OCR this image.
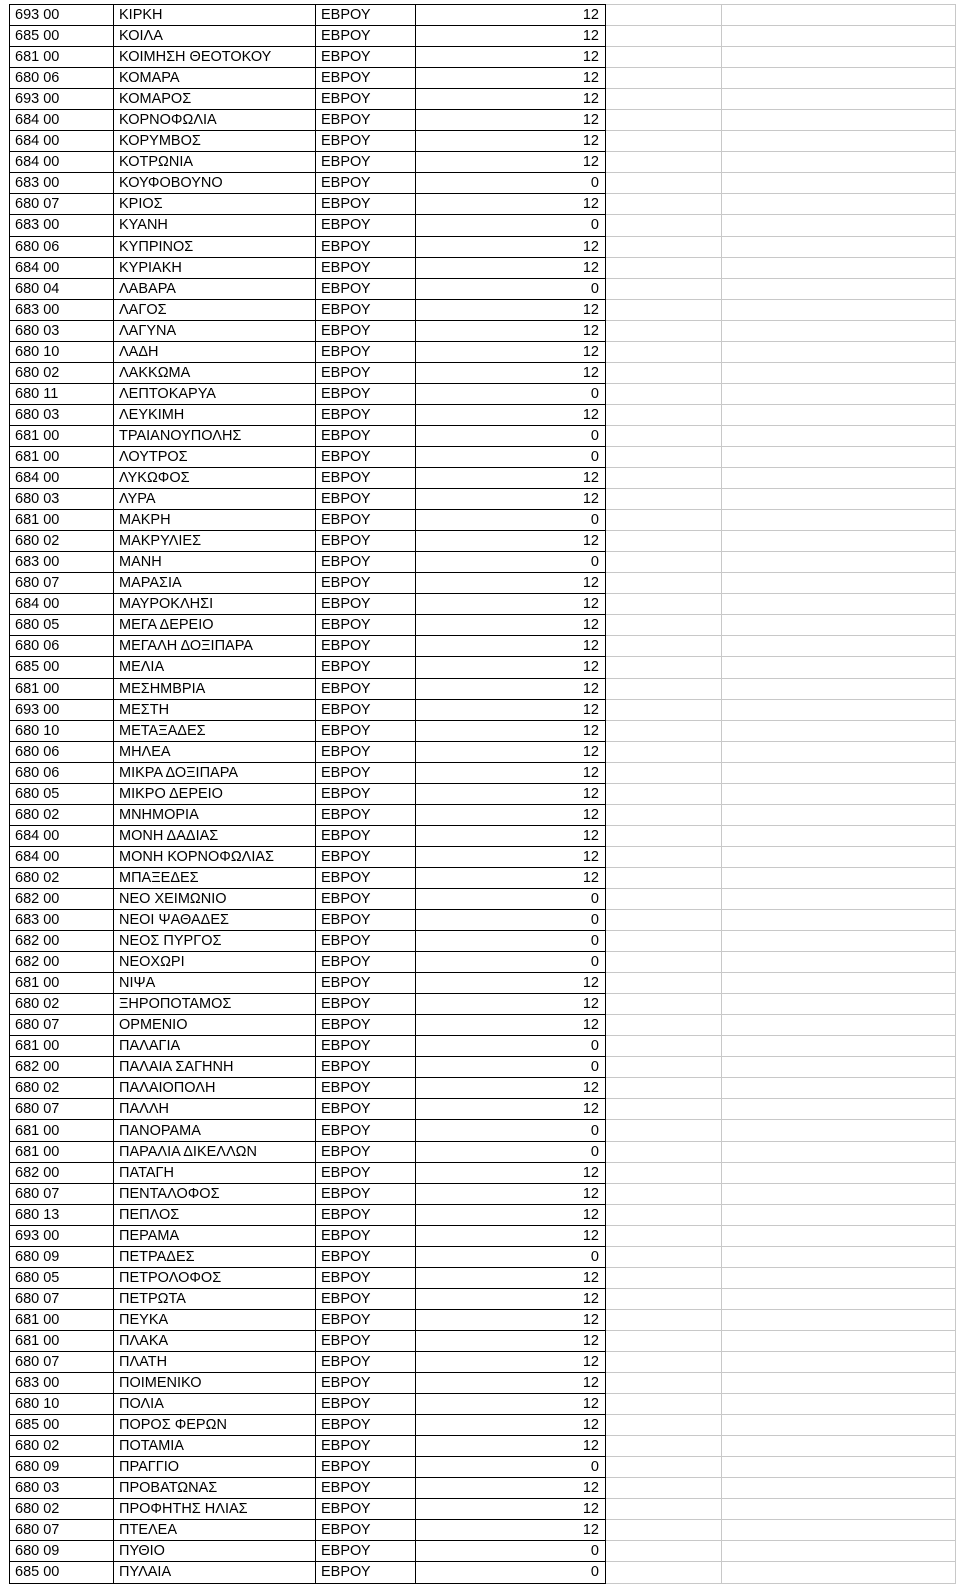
693 00	ΚΙΡΚΗ	ΕΒΡΟΥ	12		
685 00	ΚΟΙΛΑ	ΕΒΡΟΥ	12		
681 00	ΚΟΙΜΗΣΗ ΘΕΟΤΟΚΟΥ	ΕΒΡΟΥ	12		
680 06	ΚΟΜΑΡΑ	ΕΒΡΟΥ	12		
693 00	ΚΟΜΑΡΟΣ	ΕΒΡΟΥ	12		
684 00	ΚΟΡΝΟΦΩΛΙΑ	ΕΒΡΟΥ	12		
684 00	ΚΟΡΥΜΒΟΣ	ΕΒΡΟΥ	12		
684 00	ΚΟΤΡΩΝΙΑ	ΕΒΡΟΥ	12		
683 00	ΚΟΥΦΟΒΟΥΝΟ	ΕΒΡΟΥ	0		
680 07	ΚΡΙΟΣ	ΕΒΡΟΥ	12		
683 00	ΚΥΑΝΗ	ΕΒΡΟΥ	0		
680 06	ΚΥΠΡΙΝΟΣ	ΕΒΡΟΥ	12		
684 00	ΚΥΡΙΑΚΗ	ΕΒΡΟΥ	12		
680 04	ΛΑΒΑΡΑ	ΕΒΡΟΥ	0		
683 00	ΛΑΓΟΣ	ΕΒΡΟΥ	12		
680 03	ΛΑΓΥΝΑ	ΕΒΡΟΥ	12		
680 10	ΛΑΔΗ	ΕΒΡΟΥ	12		
680 02	ΛΑΚΚΩΜΑ	ΕΒΡΟΥ	12		
680 11	ΛΕΠΤΟΚΑΡΥΑ	ΕΒΡΟΥ	0		
680 03	ΛΕΥΚΙΜΗ	ΕΒΡΟΥ	12		
681 00	ΤΡΑΙΑΝΟΥΠΟΛΗΣ	ΕΒΡΟΥ	0		
681 00	ΛΟΥΤΡΟΣ	ΕΒΡΟΥ	0		
684 00	ΛΥΚΩΦΟΣ	ΕΒΡΟΥ	12		
680 03	ΛΥΡΑ	ΕΒΡΟΥ	12		
681 00	ΜΑΚΡΗ	ΕΒΡΟΥ	0		
680 02	ΜΑΚΡΥΛΙΕΣ	ΕΒΡΟΥ	12		
683 00	ΜΑΝΗ	ΕΒΡΟΥ	0		
680 07	ΜΑΡΑΣΙΑ	ΕΒΡΟΥ	12		
684 00	ΜΑΥΡΟΚΛΗΣΙ	ΕΒΡΟΥ	12		
680 05	ΜΕΓΑ ΔΕΡΕΙΟ	ΕΒΡΟΥ	12		
680 06	ΜΕΓΑΛΗ ΔΟΞΙΠΑΡΑ	ΕΒΡΟΥ	12		
685 00	ΜΕΛΙΑ	ΕΒΡΟΥ	12		
681 00	ΜΕΣΗΜΒΡΙΑ	ΕΒΡΟΥ	12		
693 00	ΜΕΣΤΗ	ΕΒΡΟΥ	12		
680 10	ΜΕΤΑΞΑΔΕΣ	ΕΒΡΟΥ	12		
680 06	ΜΗΛΕΑ	ΕΒΡΟΥ	12		
680 06	ΜΙΚΡΑ ΔΟΞΙΠΑΡΑ	ΕΒΡΟΥ	12		
680 05	ΜΙΚΡΟ ΔΕΡΕΙΟ	ΕΒΡΟΥ	12		
680 02	ΜΝΗΜΟΡΙΑ	ΕΒΡΟΥ	12		
684 00	ΜΟΝΗ ΔΑΔΙΑΣ	ΕΒΡΟΥ	12		
684 00	ΜΟΝΗ ΚΟΡΝΟΦΩΛΙΑΣ	ΕΒΡΟΥ	12		
680 02	ΜΠΑΞΕΔΕΣ	ΕΒΡΟΥ	12		
682 00	ΝΕΟ ΧΕΙΜΩΝΙΟ	ΕΒΡΟΥ	0		
683 00	ΝΕΟΙ ΨΑΘΑΔΕΣ	ΕΒΡΟΥ	0		
682 00	ΝΕΟΣ ΠΥΡΓΟΣ	ΕΒΡΟΥ	0		
682 00	ΝΕΟΧΩΡΙ	ΕΒΡΟΥ	0		
681 00	ΝΙΨΑ	ΕΒΡΟΥ	12		
680 02	ΞΗΡΟΠΟΤΑΜΟΣ	ΕΒΡΟΥ	12		
680 07	ΟΡΜΕΝΙΟ	ΕΒΡΟΥ	12		
681 00	ΠΑΛΑΓΙΑ	ΕΒΡΟΥ	0		
682 00	ΠΑΛΑΙΑ ΣΑΓΗΝΗ	ΕΒΡΟΥ	0		
680 02	ΠΑΛΑΙΟΠΟΛΗ	ΕΒΡΟΥ	12		
680 07	ΠΑΛΛΗ	ΕΒΡΟΥ	12		
681 00	ΠΑΝΟΡΑΜΑ	ΕΒΡΟΥ	0		
681 00	ΠΑΡΑΛΙΑ ΔΙΚΕΛΛΩΝ	ΕΒΡΟΥ	0		
682 00	ΠΑΤΑΓΗ	ΕΒΡΟΥ	12		
680 07	ΠΕΝΤΑΛΟΦΟΣ	ΕΒΡΟΥ	12		
680 13	ΠΕΠΛΟΣ	ΕΒΡΟΥ	12		
693 00	ΠΕΡΑΜΑ	ΕΒΡΟΥ	12		
680 09	ΠΕΤΡΑΔΕΣ	ΕΒΡΟΥ	0		
680 05	ΠΕΤΡΟΛΟΦΟΣ	ΕΒΡΟΥ	12		
680 07	ΠΕΤΡΩΤΑ	ΕΒΡΟΥ	12		
681 00	ΠΕΥΚΑ	ΕΒΡΟΥ	12		
681 00	ΠΛΑΚΑ	ΕΒΡΟΥ	12		
680 07	ΠΛΑΤΗ	ΕΒΡΟΥ	12		
683 00	ΠΟΙΜΕΝΙΚΟ	ΕΒΡΟΥ	12		
680 10	ΠΟΛΙΑ	ΕΒΡΟΥ	12		
685 00	ΠΟΡΟΣ ΦΕΡΩΝ	ΕΒΡΟΥ	12		
680 02	ΠΟΤΑΜΙΑ	ΕΒΡΟΥ	12		
680 09	ΠΡΑΓΓΙΟ	ΕΒΡΟΥ	0		
680 03	ΠΡΟΒΑΤΩΝΑΣ	ΕΒΡΟΥ	12		
680 02	ΠΡΟΦΗΤΗΣ ΗΛΙΑΣ	ΕΒΡΟΥ	12		
680 07	ΠΤΕΛΕΑ	ΕΒΡΟΥ	12		
680 09	ΠΥΘΙΟ	ΕΒΡΟΥ	0		
685 00	ΠΥΛΑΙΑ	ΕΒΡΟΥ	0		
